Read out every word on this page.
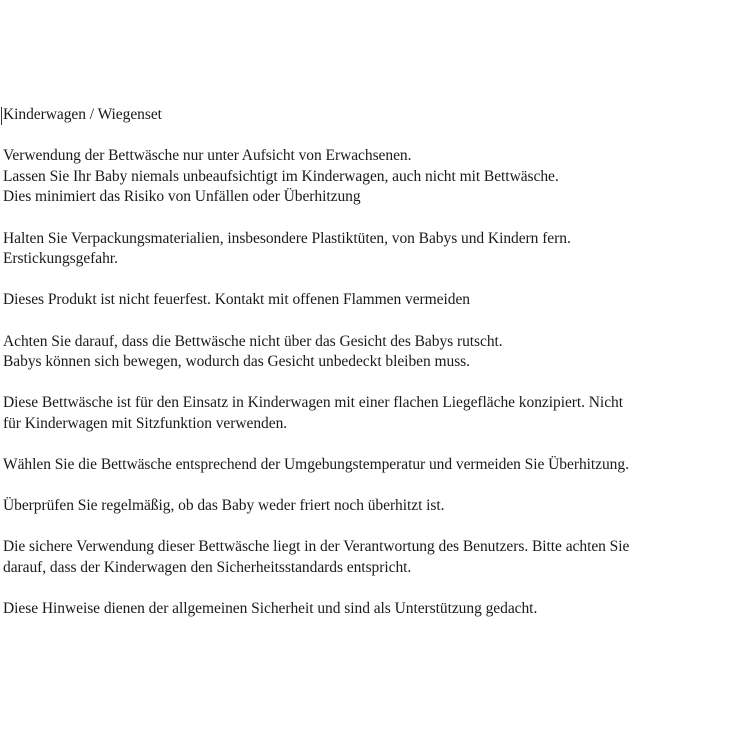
Kinderwagen / Wiegenset
Verwendung der Bettwäsche nur unter Aufsicht von Erwachsenen.
Lassen Sie Ihr Baby niemals unbeaufsichtigt im Kinderwagen, auch nicht mit Bettwäsche.
Dies minimiert das Risiko von Unfällen oder Überhitzung
Halten Sie Verpackungsmaterialien, insbesondere Plastiktüten, von Babys und Kindern fern.
Erstickungsgefahr.
Dieses Produkt ist nicht feuerfest. Kontakt mit offenen Flammen vermeiden
Achten Sie darauf, dass die Bettwäsche nicht über das Gesicht des Babys rutscht.
Babys können sich bewegen, wodurch das Gesicht unbedeckt bleiben muss.
Diese Bettwäsche ist für den Einsatz in Kinderwagen mit einer flachen Liegefläche konzipiert. Nicht
für Kinderwagen mit Sitzfunktion verwenden.
Wählen Sie die Bettwäsche entsprechend der Umgebungstemperatur und vermeiden Sie Überhitzung.
Überprüfen Sie regelmäßig, ob das Baby weder friert noch überhitzt ist.
Die sichere Verwendung dieser Bettwäsche liegt in der Verantwortung des Benutzers. Bitte achten Sie
darauf, dass der Kinderwagen den Sicherheitsstandards entspricht.
Diese Hinweise dienen der allgemeinen Sicherheit und sind als Unterstützung gedacht.
